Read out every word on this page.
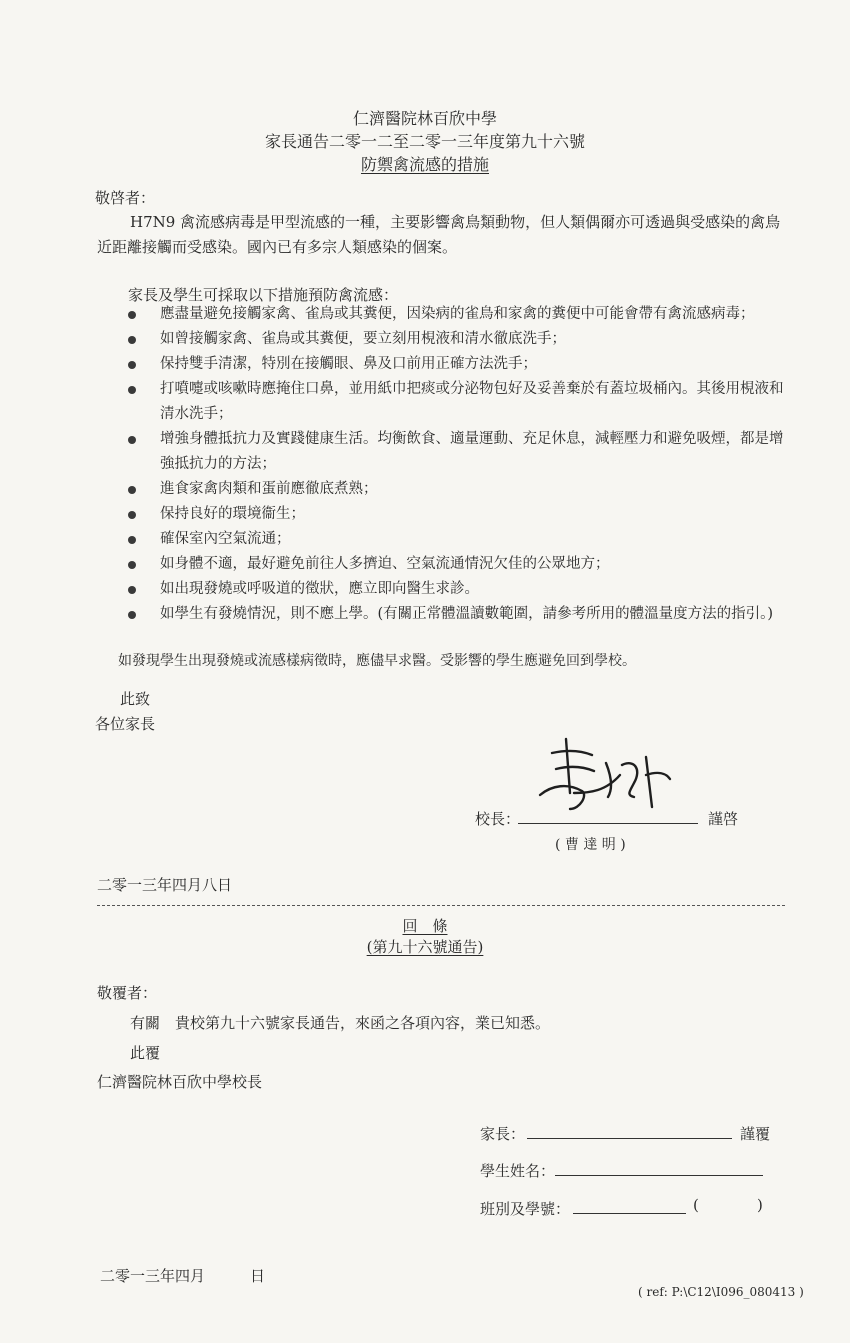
仁濟醫院林百欣中學
家長通告二零一二至二零一三年度第九十六號
防禦禽流感的措施
敬啓者：
H7N9 禽流感病毒是甲型流感的一種，主要影響禽鳥類動物，但人類偶爾亦可透過與受感染的禽鳥
近距離接觸而受感染。國內已有多宗人類感染的個案。
家長及學生可採取以下措施預防禽流感：
應盡量避免接觸家禽、雀鳥或其糞便，因染病的雀鳥和家禽的糞便中可能會帶有禽流感病毒；
如曾接觸家禽、雀鳥或其糞便，要立刻用梘液和清水徹底洗手；
保持雙手清潔，特別在接觸眼、鼻及口前用正確方法洗手；
打噴嚏或咳嗽時應掩住口鼻，並用紙巾把痰或分泌物包好及妥善棄於有蓋垃圾桶內。其後用梘液和清水洗手；
增強身體抵抗力及實踐健康生活。均衡飲食、適量運動、充足休息，減輕壓力和避免吸煙，都是增強抵抗力的方法；
進食家禽肉類和蛋前應徹底煮熟；
保持良好的環境衞生；
確保室內空氣流通；
如身體不適，最好避免前往人多擠迫、空氣流通情況欠佳的公眾地方；
如出現發燒或呼吸道的徵狀，應立即向醫生求診。
如學生有發燒情況，則不應上學。(有關正常體溫讀數範圍，請參考所用的體溫量度方法的指引。)
如發現學生出現發燒或流感樣病徵時，應儘早求醫。受影響的學生應避免回到學校。
此致
各位家長
校長：	謹啓
( 曹 達 明 )
二零一三年四月八日
回　條
(第九十六號通告)
敬覆者：
有關　貴校第九十六號家長通告，來函之各項內容，業已知悉。
此覆
仁濟醫院林百欣中學校長
家長：	謹覆
學生姓名：
班別及學號：	(	)
二零一三年四月　　　日
( ref: P:\C12\I096_080413 )
